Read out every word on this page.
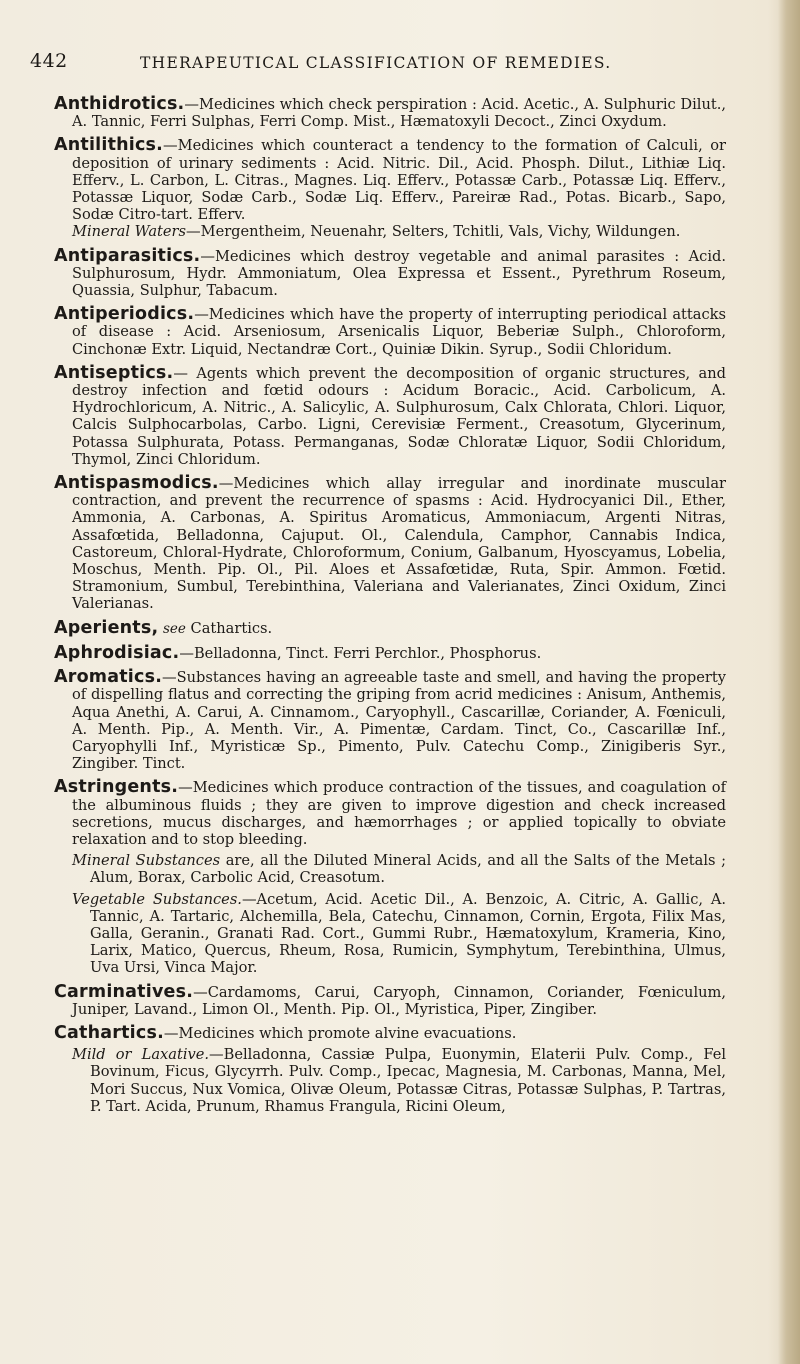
442	THERAPEUTICAL CLASSIFICATION OF REMEDIES.

Anthidrotics.—Medicines which check perspiration : Acid. Acetic., A. Sulphuric Dilut., A. Tannic, Ferri Sulphas, Ferri Comp. Mist., Hæmatoxyli Decoct., Zinci Oxydum.

Antilithics.—Medicines which counteract a tendency to the formation of Calculi, or deposition of urinary sediments : Acid. Nitric. Dil., Acid. Phosph. Dilut., Lithiæ Liq. Efferv., L. Carbon, L. Citras., Magnes. Liq. Efferv., Potassæ Carb., Potassæ Liq. Efferv., Potassæ Liquor, Sodæ Carb., Sodæ Liq. Efferv., Pareiræ Rad., Potas. Bicarb., Sapo, Sodæ Citro-tart. Efferv.

Mineral Waters—Mergentheim, Neuenahr, Selters, Tchitli, Vals, Vichy, Wildungen.

Antiparasitics.—Medicines which destroy vegetable and animal parasites : Acid. Sulphurosum, Hydr. Ammoniatum, Olea Expressa et Essent., Pyrethrum Roseum, Quassia, Sulphur, Tabacum.

Antiperiodics.—Medicines which have the property of interrupting periodical attacks of disease : Acid. Arseniosum, Arsenicalis Liquor, Beberiæ Sulph., Chloroform, Cinchonæ Extr. Liquid, Nectandræ Cort., Quiniæ Dikin. Syrup., Sodii Chloridum.

Antiseptics.— Agents which prevent the decomposition of organic structures, and destroy infection and fœtid odours : Acidum Boracic., Acid. Carbolicum, A. Hydrochloricum, A. Nitric., A. Salicylic, A. Sulphurosum, Calx Chlorata, Chlori. Liquor, Calcis Sulphocarbolas, Carbo. Ligni, Cerevisiæ Ferment., Creasotum, Glycerinum, Potassa Sulphurata, Potass. Permanganas, Sodæ Chloratæ Liquor, Sodii Chloridum, Thymol, Zinci Chloridum.

Antispasmodics.—Medicines which allay irregular and inordinate muscular contraction, and prevent the recurrence of spasms : Acid. Hydrocyanici Dil., Ether, Ammonia, A. Carbonas, A. Spiritus Aromaticus, Ammoniacum, Argenti Nitras, Assafœtida, Belladonna, Cajuput. Ol., Calendula, Camphor, Cannabis Indica, Castoreum, Chloral-Hydrate, Chloroformum, Conium, Galbanum, Hyoscyamus, Lobelia, Moschus, Menth. Pip. Ol., Pil. Aloes et Assafœtidæ, Ruta, Spir. Ammon. Fœtid. Stramonium, Sumbul, Terebinthina, Valeriana and Valerianates, Zinci Oxidum, Zinci Valerianas.

Aperients, see Cathartics.

Aphrodisiac.—Belladonna, Tinct. Ferri Perchlor., Phosphorus.

Aromatics.—Substances having an agreeable taste and smell, and having the property of dispelling flatus and correcting the griping from acrid medicines : Anisum, Anthemis, Aqua Anethi, A. Carui, A. Cinnamom., Caryophyll., Cascarillæ, Coriander, A. Fœniculi, A. Menth. Pip., A. Menth. Vir., A. Pimentæ, Cardam. Tinct, Co., Cascarillæ Inf., Caryophylli Inf., Myristicæ Sp., Pimento, Pulv. Catechu Comp., Zinigiberis Syr., Zingiber. Tinct.

Astringents.—Medicines which produce contraction of the tissues, and coagulation of the albuminous fluids ; they are given to improve digestion and check increased secretions, mucus discharges, and hæmorrhages ; or applied topically to obviate relaxation and to stop bleeding.

Mineral Substances are, all the Diluted Mineral Acids, and all the Salts of the Metals ; Alum, Borax, Carbolic Acid, Creasotum.

Vegetable Substances.—Acetum, Acid. Acetic Dil., A. Benzoic, A. Citric, A. Gallic, A. Tannic, A. Tartaric, Alchemilla, Bela, Catechu, Cinnamon, Cornin, Ergota, Filix Mas, Galla, Geranin., Granati Rad. Cort., Gummi Rubr., Hæmatoxylum, Krameria, Kino, Larix, Matico, Quercus, Rheum, Rosa, Rumicin, Symphytum, Terebinthina, Ulmus, Uva Ursi, Vinca Major.

Carminatives.—Cardamoms, Carui, Caryoph, Cinnamon, Coriander, Fœniculum, Juniper, Lavand., Limon Ol., Menth. Pip. Ol., Myristica, Piper, Zingiber.

Cathartics.—Medicines which promote alvine evacuations.

Mild or Laxative.—Belladonna, Cassiæ Pulpa, Euonymin, Elaterii Pulv. Comp., Fel Bovinum, Ficus, Glycyrrh. Pulv. Comp., Ipecac, Magnesia, M. Carbonas, Manna, Mel, Mori Succus, Nux Vomica, Olivæ Oleum, Potassæ Citras, Potassæ Sulphas, P. Tartras, P. Tart. Acida, Prunum, Rhamus Frangula, Ricini Oleum,
